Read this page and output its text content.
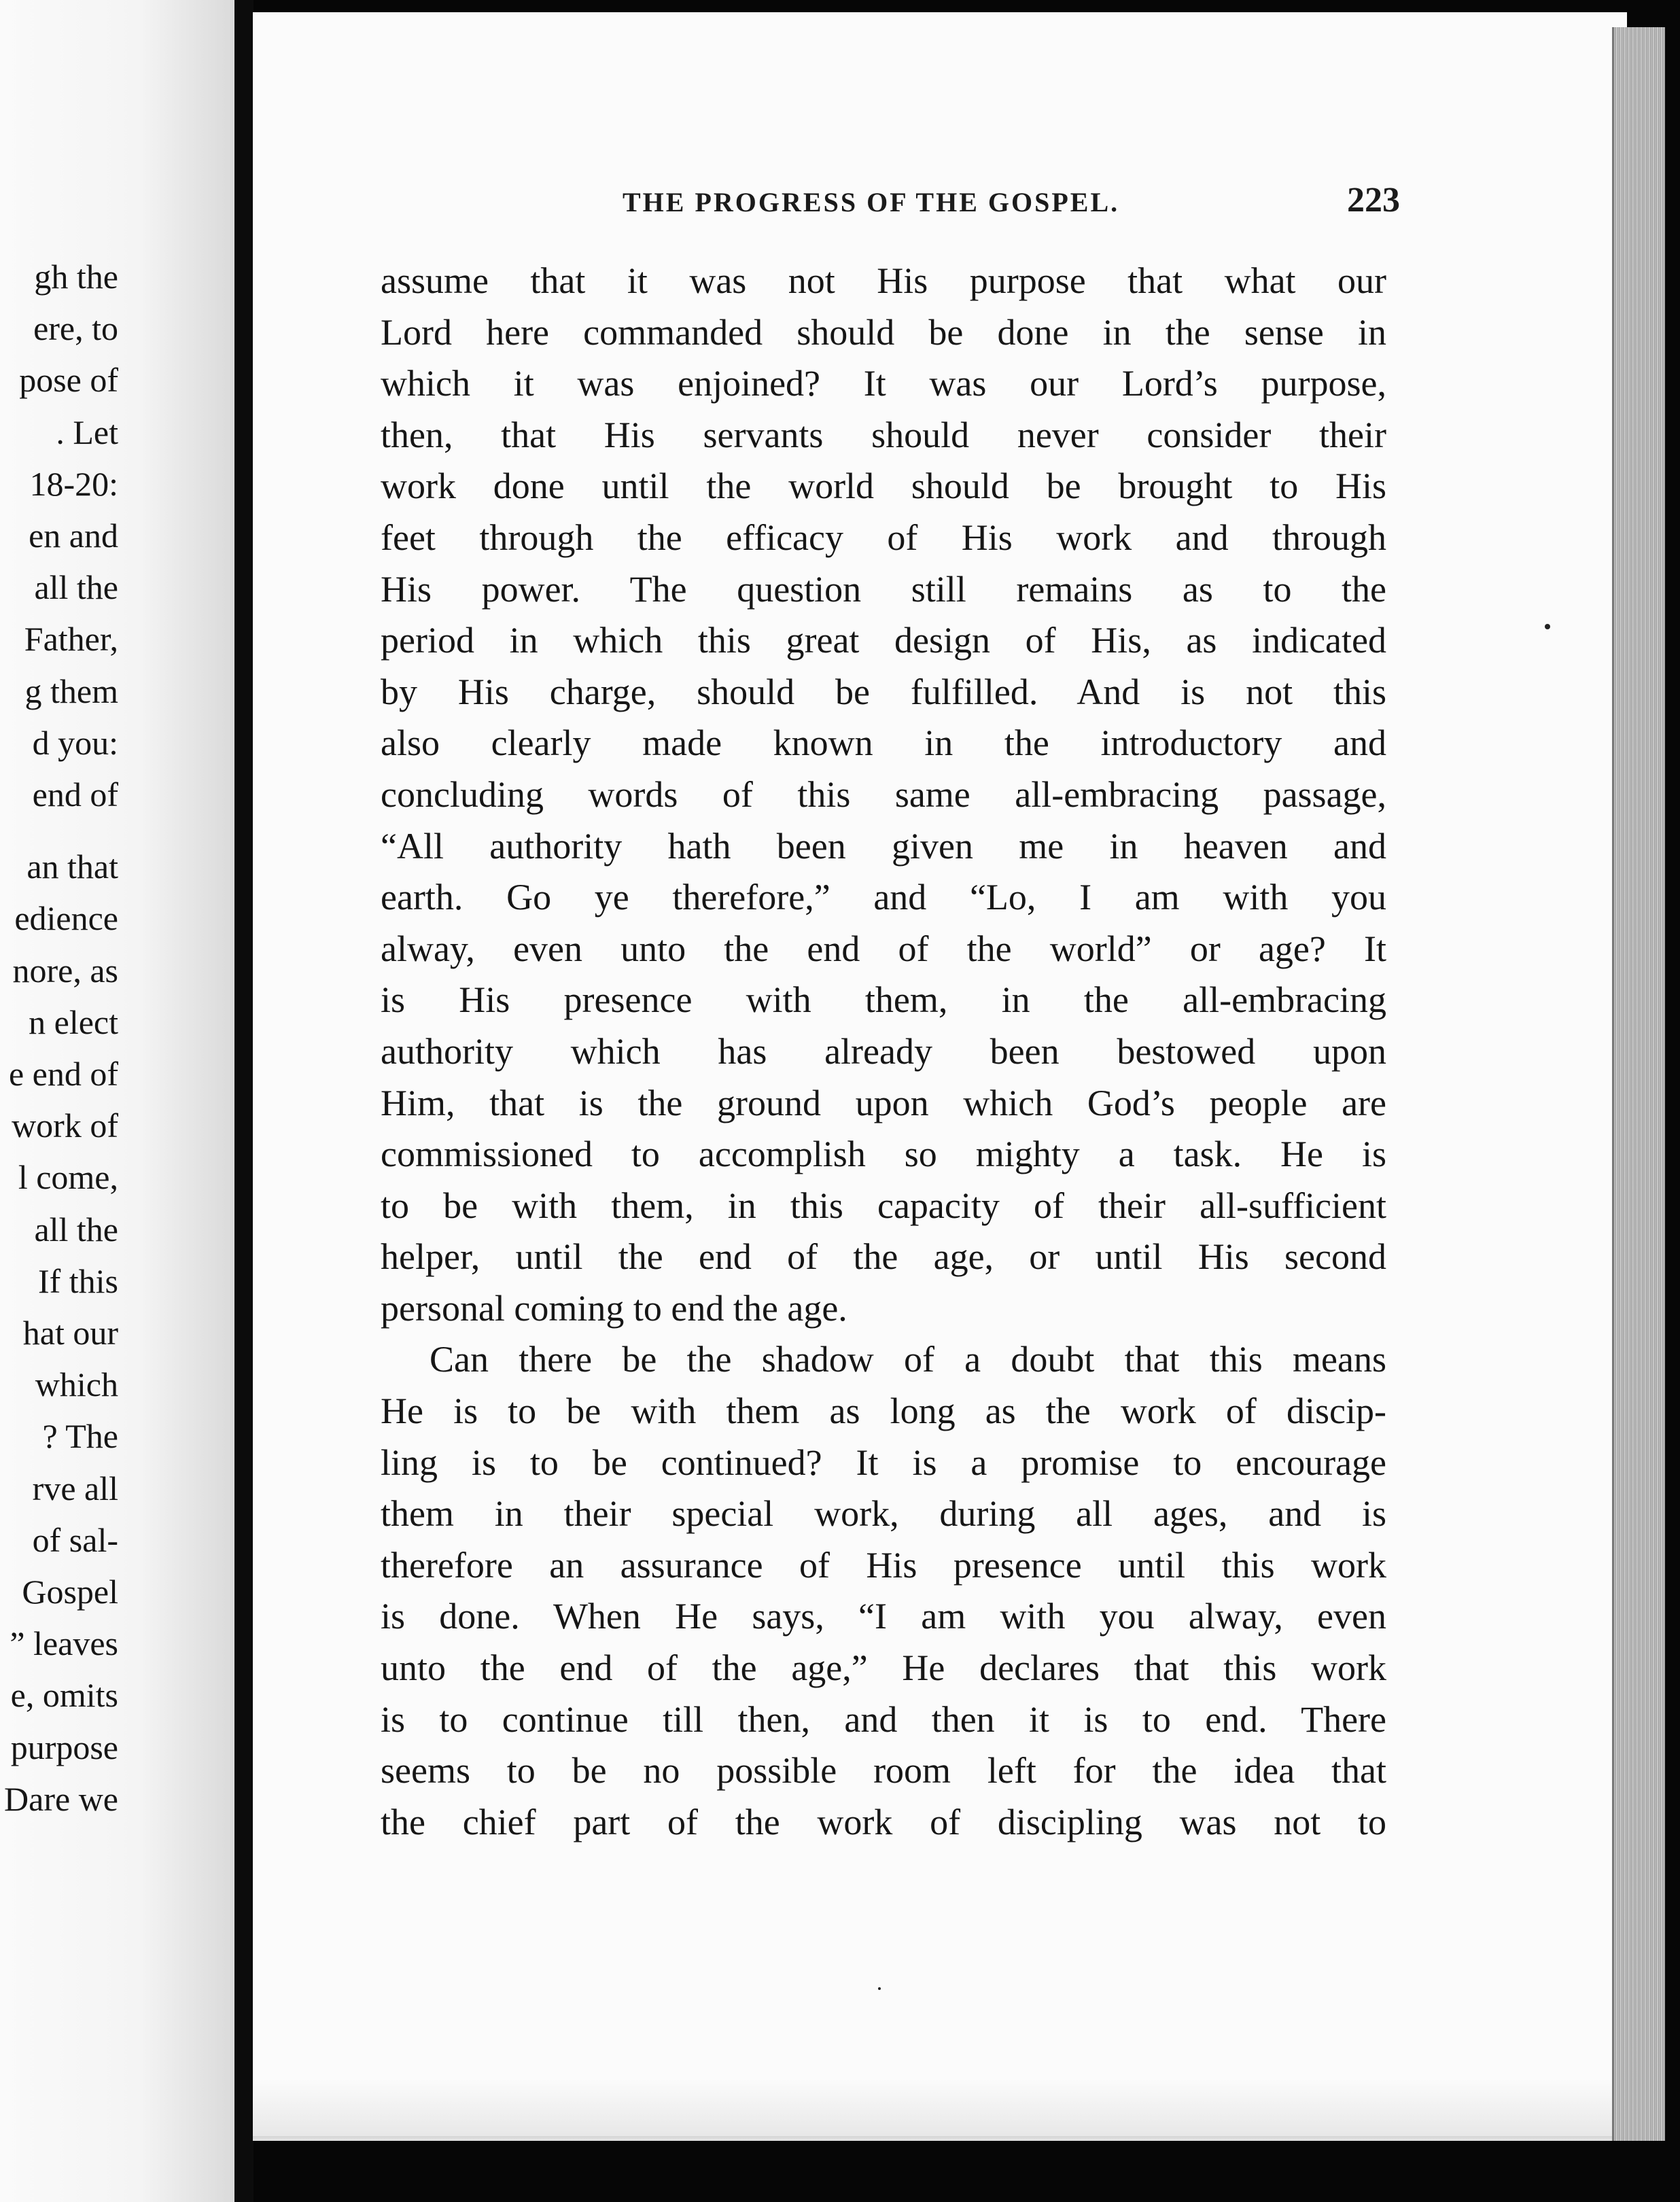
gh the
ere, to
pose of
. Let
18-20:
en and
all the
Father,
g them
d you:
end of
an that
edience
nore, as
n elect
e end of
work of
l come,
all the
If this
hat our
which
? The
rve all
of sal-
Gospel
” leaves
e, omits
purpose
Dare we
THE PROGRESS OF THE GOSPEL.	223
assume that it was not His purpose that what our
Lord here commanded should be done in the sense in
which it was enjoined? It was our Lord’s purpose,
then, that His servants should never consider their
work done until the world should be brought to His
feet through the efficacy of His work and through
His power. The question still remains as to the
period in which this great design of His, as indicated
by His charge, should be fulfilled. And is not this
also clearly made known in the introductory and
concluding words of this same all-embracing passage,
“All authority hath been given me in heaven and
earth. Go ye therefore,” and “Lo, I am with you
alway, even unto the end of the world” or age? It
is His presence with them, in the all-embracing
authority which has already been bestowed upon
Him, that is the ground upon which God’s people are
commissioned to accomplish so mighty a task. He is
to be with them, in this capacity of their all-sufficient
helper, until the end of the age, or until His second
personal coming to end the age.
Can there be the shadow of a doubt that this means
He is to be with them as long as the work of discip-
ling is to be continued? It is a promise to encourage
them in their special work, during all ages, and is
therefore an assurance of His presence until this work
is done. When He says, “I am with you alway, even
unto the end of the age,” He declares that this work
is to continue till then, and then it is to end. There
seems to be no possible room left for the idea that
the chief part of the work of discipling was not to
